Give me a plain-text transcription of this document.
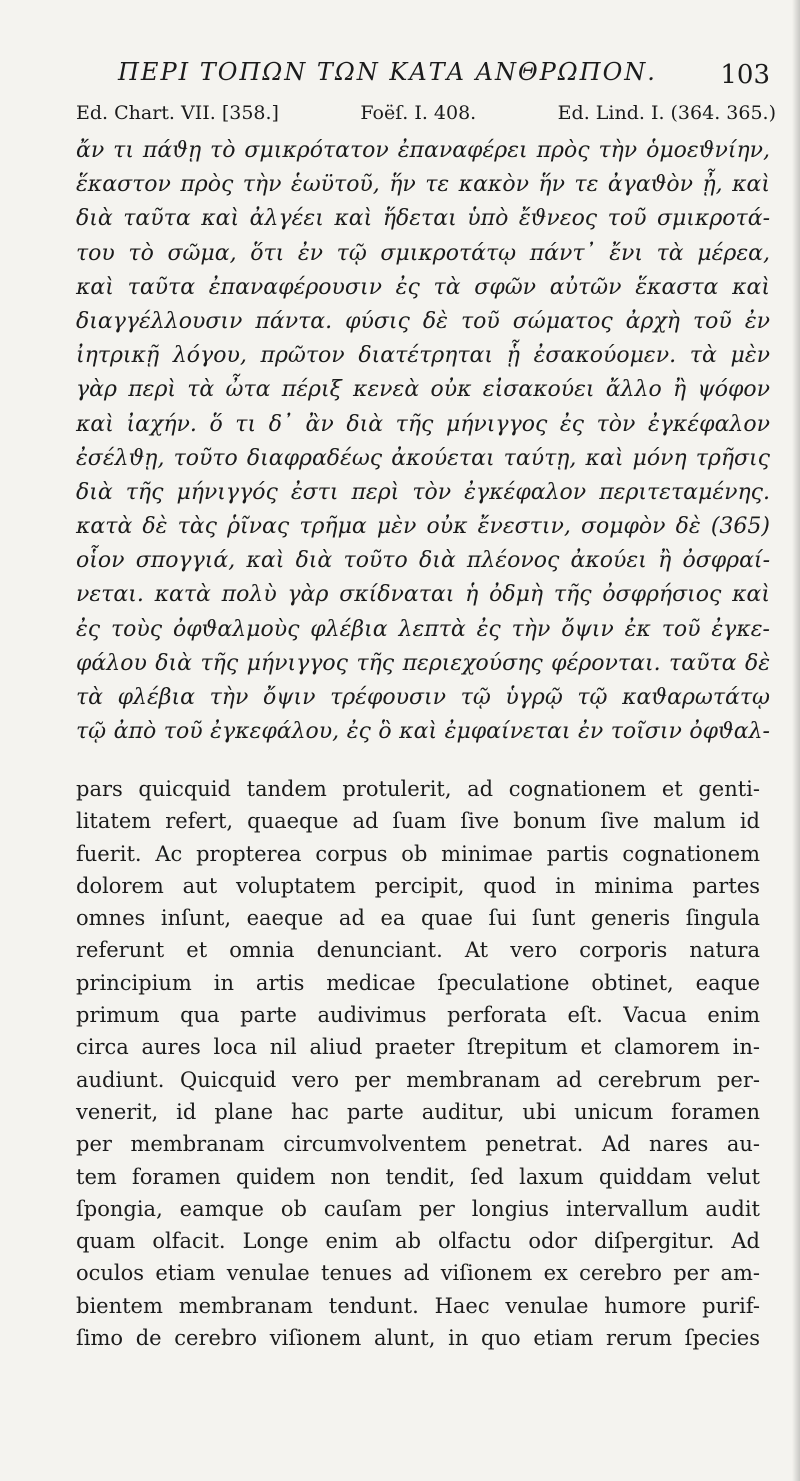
ΠΕΡΙ ΤΟΠΩΝ ΤΩΝ ΚΑΤΑ ΑΝΘΡΩΠΟΝ. 103
Ed. Chart. VII. [358.]	Foëſ. I. 408.	Ed. Lind. I. (364. 365.)
ἄν τι πάϑῃ τὸ σμικρότατον ἐπαναφέρει πρὸς τὴν ὁμοεϑνίην,
ἕκαστον πρὸς τὴν ἑωϋτοῦ, ἥν τε κακὸν ἥν τε ἀγαϑὸν ᾖ, καὶ
διὰ ταῦτα καὶ ἀλγέει καὶ ἥδεται ὑπὸ ἔϑνεος τοῦ σμικροτά-
του τὸ σῶμα, ὅτι ἐν τῷ σμικροτάτῳ πάντ᾽ ἔνι τὰ μέρεα,
καὶ ταῦτα ἐπαναφέρουσιν ἐς τὰ σφῶν αὐτῶν ἕκαστα καὶ
διαγγέλλουσιν πάντα. φύσις δὲ τοῦ σώματος ἀρχὴ τοῦ ἐν
ἰητρικῇ λόγου, πρῶτον διατέτρηται ᾗ ἐσακούομεν. τὰ μὲν
γὰρ περὶ τὰ ὦτα πέριξ κενεὰ οὐκ εἰσακούει ἄλλο ἢ ψόφον
καὶ ἰαχήν. ὅ τι δ᾽ ἂν διὰ τῆς μήνιγγος ἐς τὸν ἐγκέφαλον
ἐσέλϑῃ, τοῦτο διαφραδέως ἀκούεται ταύτῃ, καὶ μόνη τρῆσις
διὰ τῆς μήνιγγός ἐστι περὶ τὸν ἐγκέφαλον περιτεταμένης.
κατὰ δὲ τὰς ῥῖνας τρῆμα μὲν οὐκ ἔνεστιν, σομφὸν δὲ (365)
οἷον σπογγιά, καὶ διὰ τοῦτο διὰ πλέονος ἀκούει ἢ ὀσφραί-
νεται. κατὰ πολὺ γὰρ σκίδναται ἡ ὀδμὴ τῆς ὀσφρήσιος καὶ
ἐς τοὺς ὀφϑαλμοὺς φλέβια λεπτὰ ἐς τὴν ὄψιν ἐκ τοῦ ἐγκε-
φάλου διὰ τῆς μήνιγγος τῆς περιεχούσης φέρονται. ταῦτα δὲ
τὰ φλέβια τὴν ὄψιν τρέφουσιν τῷ ὑγρῷ τῷ καϑαρωτάτῳ
τῷ ἀπὸ τοῦ ἐγκεφάλου, ἐς ὃ καὶ ἐμφαίνεται ἐν τοῖσιν ὀφϑαλ-
pars quicquid tandem protulerit, ad cognationem et genti-
litatem refert, quaeque ad ſuam ſive bonum ſive malum id
fuerit. Ac propterea corpus ob minimae partis cognationem
dolorem aut voluptatem percipit, quod in minima partes
omnes inſunt, eaeque ad ea quae ſui ſunt generis ſingula
referunt et omnia denunciant. At vero corporis natura
principium in artis medicae ſpeculatione obtinet, eaque
primum qua parte audivimus perforata eſt. Vacua enim
circa aures loca nil aliud praeter ſtrepitum et clamorem in-
audiunt. Quicquid vero per membranam ad cerebrum per-
venerit, id plane hac parte auditur, ubi unicum foramen
per membranam circumvolventem penetrat. Ad nares au-
tem foramen quidem non tendit, ſed laxum quiddam velut
ſpongia, eamque ob cauſam per longius intervallum audit
quam olfacit. Longe enim ab olfactu odor diſpergitur. Ad
oculos etiam venulae tenues ad viſionem ex cerebro per am-
bientem membranam tendunt. Haec venulae humore purif-
ſimo de cerebro viſionem alunt, in quo etiam rerum ſpecies
